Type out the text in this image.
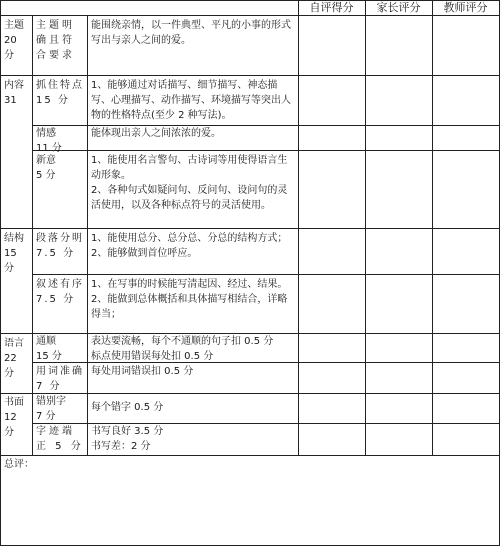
自评得分	家长评分	教师评分

主题
20
分

主题明确且符合要求

能围绕亲情，以一件典型、平凡的小事的形式写出与亲人之间的爱。

内容
31

抓住特点
15 分

1、能够通过对话描写、细节描写、神态描写、心理描写、动作描写、环境描写等突出人物的性格特点(至少 2 种写法)。

情感
11 分

能体现出亲人之间浓浓的爱。

新意
5 分

1、能使用名言警句、古诗词等用使得语言生动形象。
2、各种句式如疑问句、反问句、设问句的灵活使用，以及各种标点符号的灵活使用。

结构
15
分

段落分明
7.5 分

1、能使用总分、总分总、分总的结构方式；
2、能够做到首位呼应。

叙述有序
7.5 分

1、在写事的时候能写清起因、经过、结果。
2、能做到总体概括和具体描写相结合，详略得当；

语言
22
分

通顺
15 分

表达要流畅，每个不通顺的句子扣 0.5 分
标点使用错误每处扣 0.5 分

用词准确 7 分

每处用词错误扣 0.5 分

书面
12
分

错别字
7 分

每个错字 0.5 分

字迹端正 5 分

书写良好 3.5 分
书写差：2 分

总评：
